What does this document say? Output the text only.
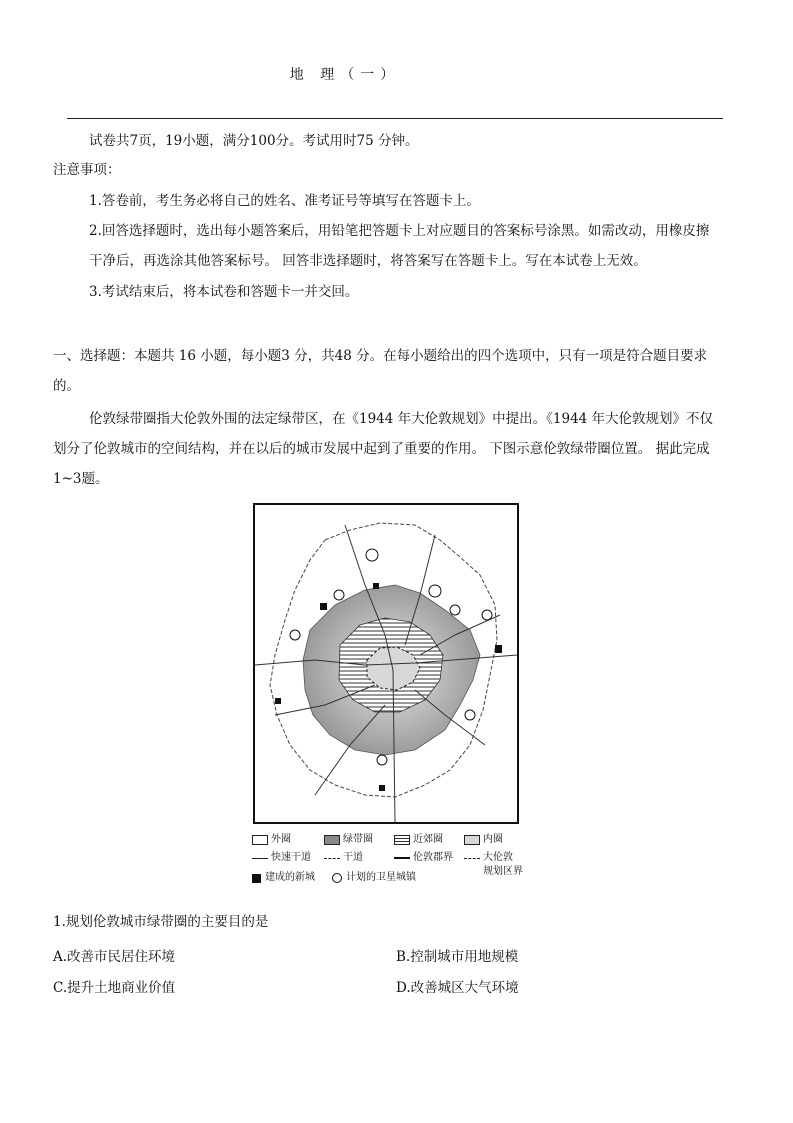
地 理（一）
试卷共7页，19小题，满分100分。考试用时75 分钟。
注意事项：
1.答卷前，考生务必将自己的姓名、准考证号等填写在答题卡上。
2.回答选择题时，选出每小题答案后，用铅笔把答题卡上对应题目的答案标号涂黑。如需改动，用橡皮擦
干净后，再选涂其他答案标号。 回答非选择题时，将答案写在答题卡上。写在本试卷上无效。
3.考试结束后，将本试卷和答题卡一并交回。
一、选择题：本题共 16 小题，每小题3 分，共48 分。在每小题给出的四个选项中，只有一项是符合题目要求
的。
伦敦绿带圈指大伦敦外围的法定绿带区，在《1944 年大伦敦规划》中提出。《1944 年大伦敦规划》不仅
划分了伦敦城市的空间结构，并在以后的城市发展中起到了重要的作用。 下图示意伦敦绿带圈位置。 据此完成
1~3题。
外圈	绿带圈	近郊圈	内圈
快速干道	干道	伦敦郡界	大伦敦
规划区界
建成的新城	计划的卫星城镇
1.规划伦敦城市绿带圈的主要目的是
A.改善市民居住环境	B.控制城市用地规模
C.提升土地商业价值	D.改善城区大气环境
